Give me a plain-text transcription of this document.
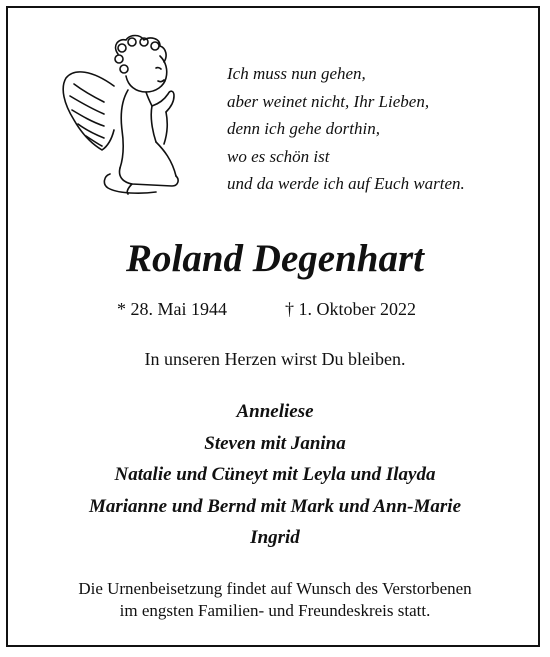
Ich muss nun gehen,
aber weinet nicht, Ihr Lieben,
denn ich gehe dorthin,
wo es schön ist
und da werde ich auf Euch warten.
Roland Degenhart
* 28. Mai 1944	† 1. Oktober 2022
In unseren Herzen wirst Du bleiben.
Anneliese
Steven mit Janina
Natalie und Cüneyt mit Leyla und Ilayda
Marianne und Bernd mit Mark und Ann-Marie
Ingrid
Die Urnenbeisetzung findet auf Wunsch des Verstorbenen
im engsten Familien- und Freundeskreis statt.
